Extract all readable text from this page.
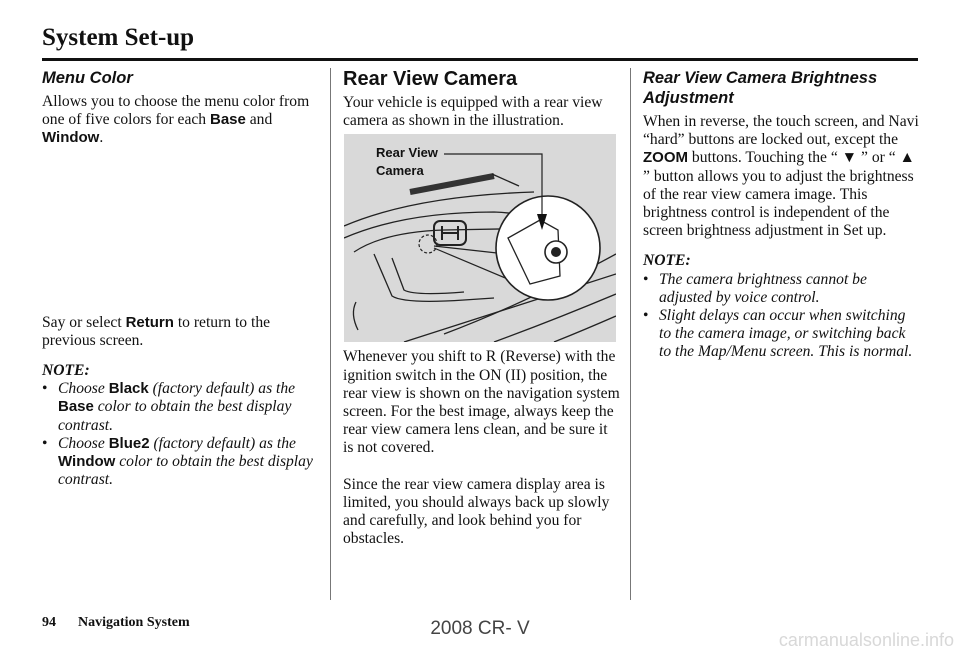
System Set-up
Menu Color

Allows you to choose the menu color from one of five colors for each Base and Window.

Say or select Return to return to the previous screen.

NOTE:

• Choose Black (factory default) as the Base color to obtain the best display contrast.
• Choose Blue2 (factory default) as the Window color to obtain the best display contrast.
Rear View Camera

Your vehicle is equipped with a rear view camera as shown in the illustration.

Rear View
Camera

Whenever you shift to R (Reverse) with the ignition switch in the ON (II) position, the rear view is shown on the navigation system screen. For the best image, always keep the rear view camera lens clean, and be sure it is not covered.

Since the rear view camera display area is limited, you should always back up slowly and carefully, and look behind you for obstacles.

Rear View Camera Brightness Adjustment

When in reverse, the touch screen, and Navi “hard” buttons are locked out, except the ZOOM buttons. Touching the “ ▼ ” or “ ▲ ” button allows you to adjust the brightness of the rear view camera image. This brightness control is independent of the screen brightness adjustment in Set up.

NOTE:

• The camera brightness cannot be adjusted by voice control.
• Slight delays can occur when switching to the camera image, or switching back to the Map/Menu screen. This is normal.
94 Navigation System	2008 CR- V
carmanualsonline.info
